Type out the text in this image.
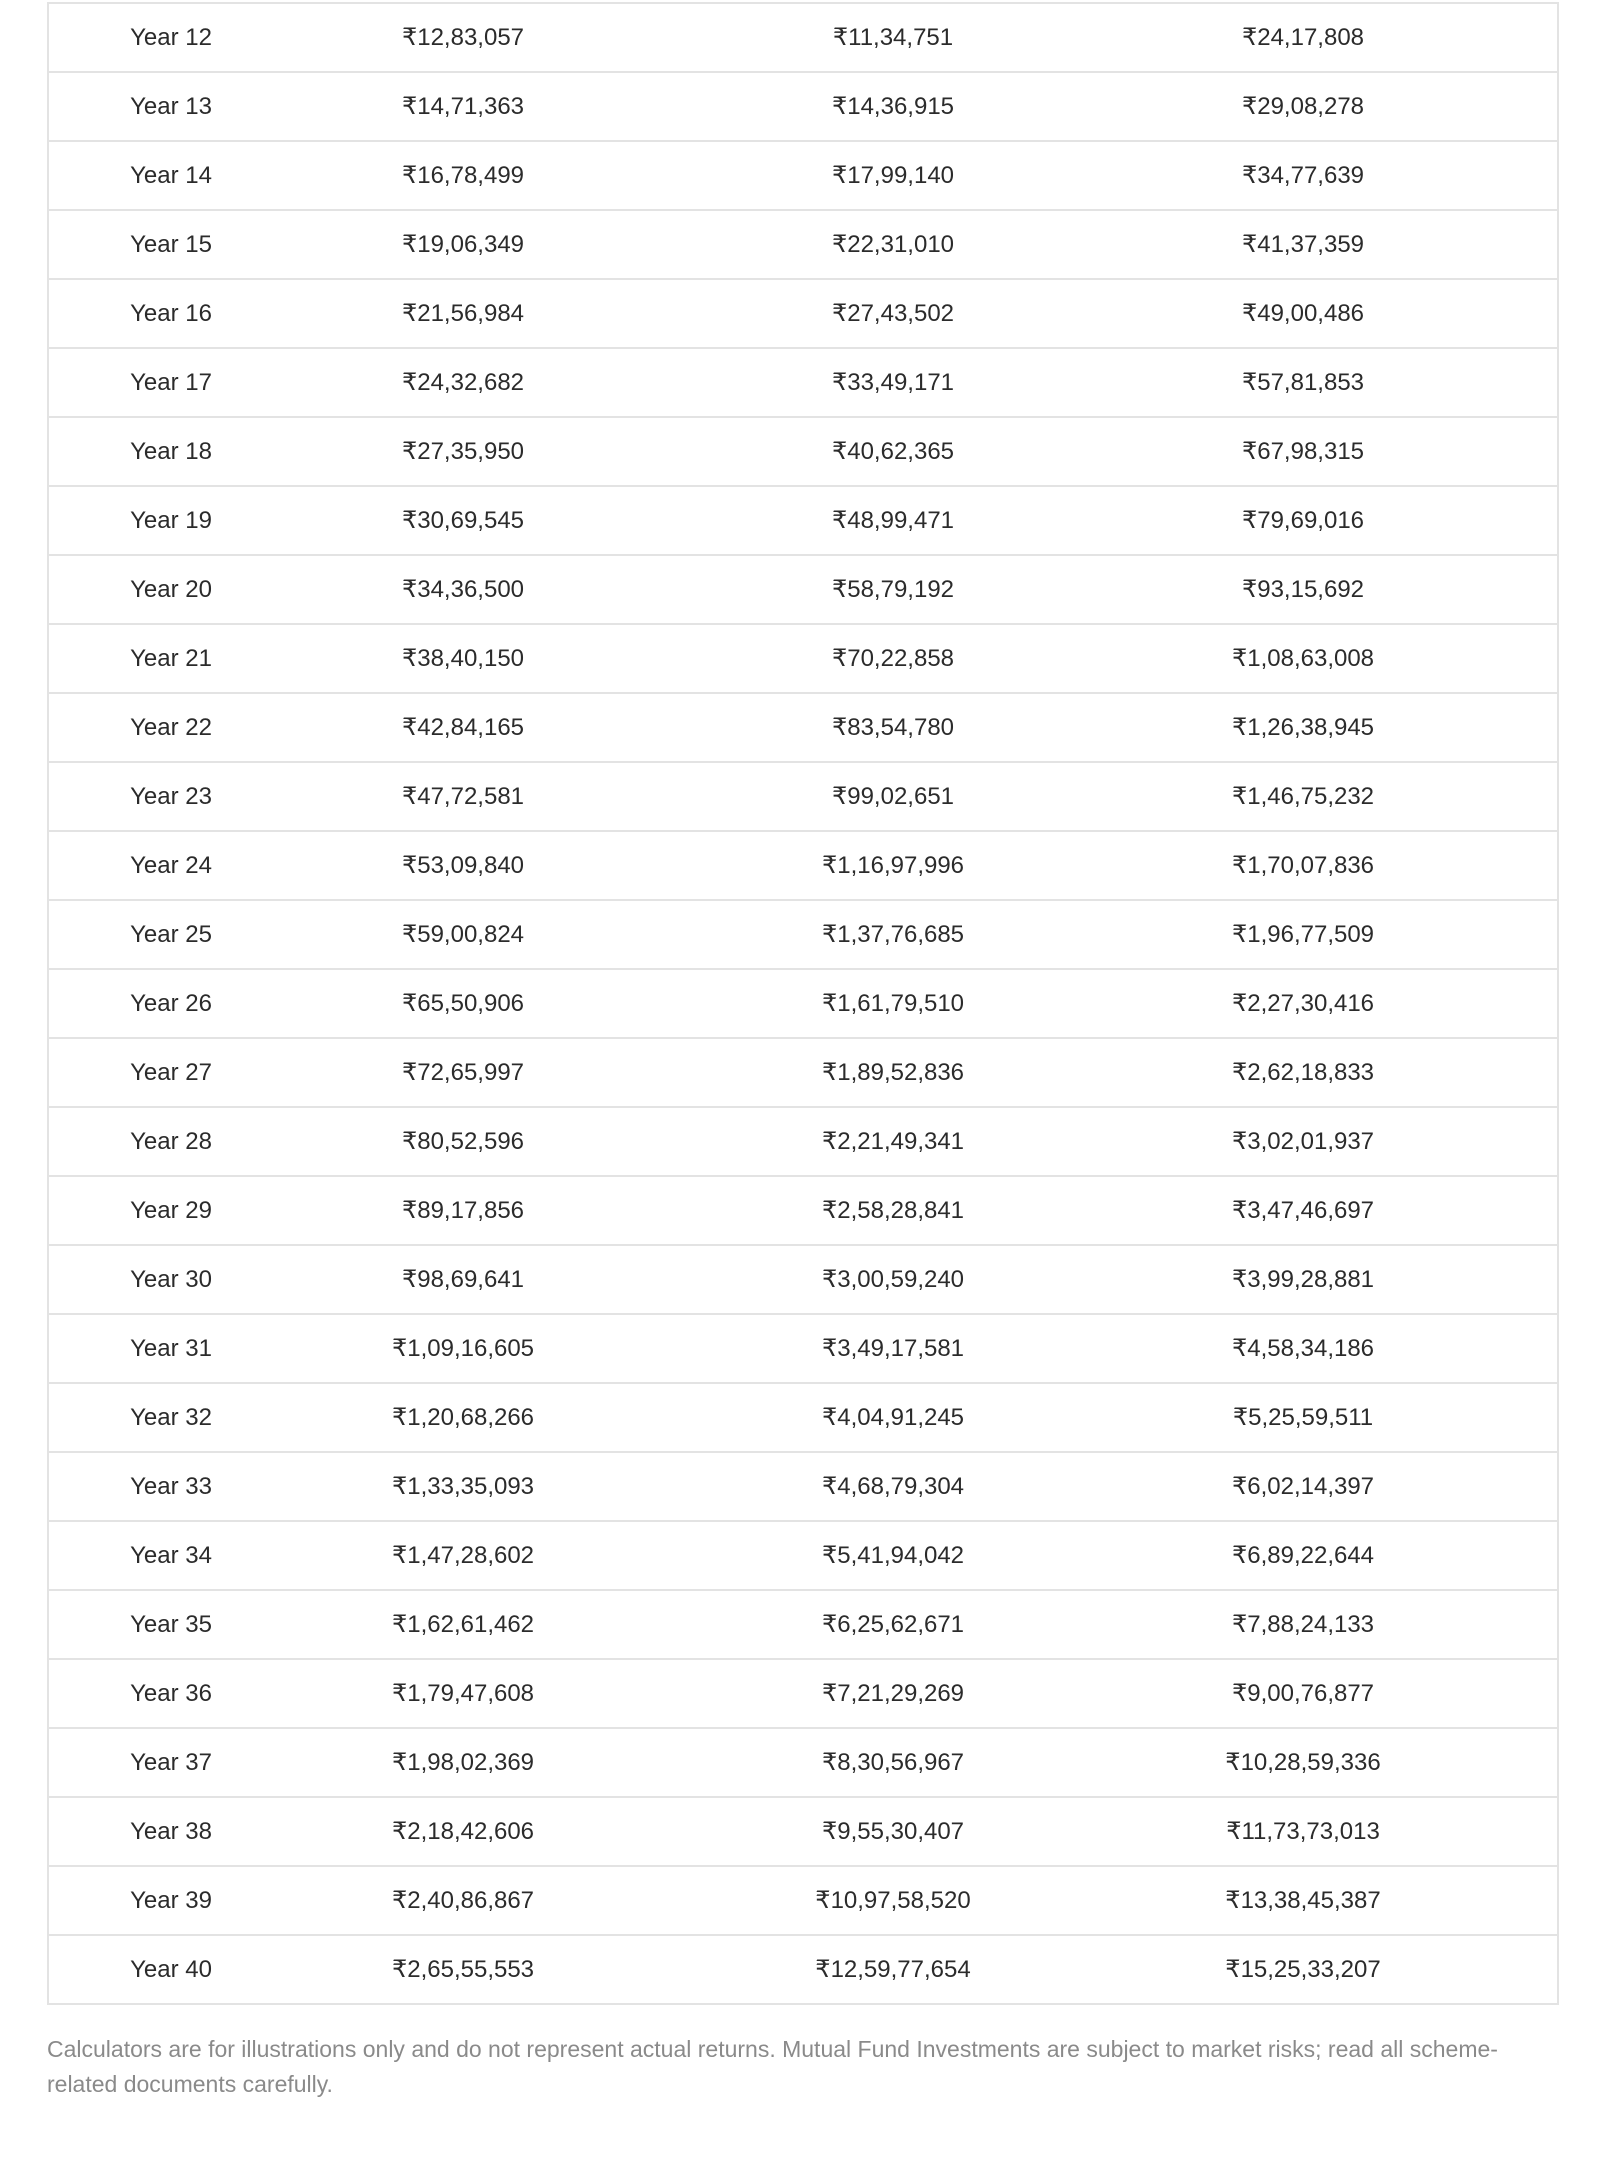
Year 12	₹12,83,057	₹11,34,751	₹24,17,808
Year 13	₹14,71,363	₹14,36,915	₹29,08,278
Year 14	₹16,78,499	₹17,99,140	₹34,77,639
Year 15	₹19,06,349	₹22,31,010	₹41,37,359
Year 16	₹21,56,984	₹27,43,502	₹49,00,486
Year 17	₹24,32,682	₹33,49,171	₹57,81,853
Year 18	₹27,35,950	₹40,62,365	₹67,98,315
Year 19	₹30,69,545	₹48,99,471	₹79,69,016
Year 20	₹34,36,500	₹58,79,192	₹93,15,692
Year 21	₹38,40,150	₹70,22,858	₹1,08,63,008
Year 22	₹42,84,165	₹83,54,780	₹1,26,38,945
Year 23	₹47,72,581	₹99,02,651	₹1,46,75,232
Year 24	₹53,09,840	₹1,16,97,996	₹1,70,07,836
Year 25	₹59,00,824	₹1,37,76,685	₹1,96,77,509
Year 26	₹65,50,906	₹1,61,79,510	₹2,27,30,416
Year 27	₹72,65,997	₹1,89,52,836	₹2,62,18,833
Year 28	₹80,52,596	₹2,21,49,341	₹3,02,01,937
Year 29	₹89,17,856	₹2,58,28,841	₹3,47,46,697
Year 30	₹98,69,641	₹3,00,59,240	₹3,99,28,881
Year 31	₹1,09,16,605	₹3,49,17,581	₹4,58,34,186
Year 32	₹1,20,68,266	₹4,04,91,245	₹5,25,59,511
Year 33	₹1,33,35,093	₹4,68,79,304	₹6,02,14,397
Year 34	₹1,47,28,602	₹5,41,94,042	₹6,89,22,644
Year 35	₹1,62,61,462	₹6,25,62,671	₹7,88,24,133
Year 36	₹1,79,47,608	₹7,21,29,269	₹9,00,76,877
Year 37	₹1,98,02,369	₹8,30,56,967	₹10,28,59,336
Year 38	₹2,18,42,606	₹9,55,30,407	₹11,73,73,013
Year 39	₹2,40,86,867	₹10,97,58,520	₹13,38,45,387
Year 40	₹2,65,55,553	₹12,59,77,654	₹15,25,33,207
Calculators are for illustrations only and do not represent actual returns. Mutual Fund Investments are subject to market risks; read all scheme-related documents carefully.
